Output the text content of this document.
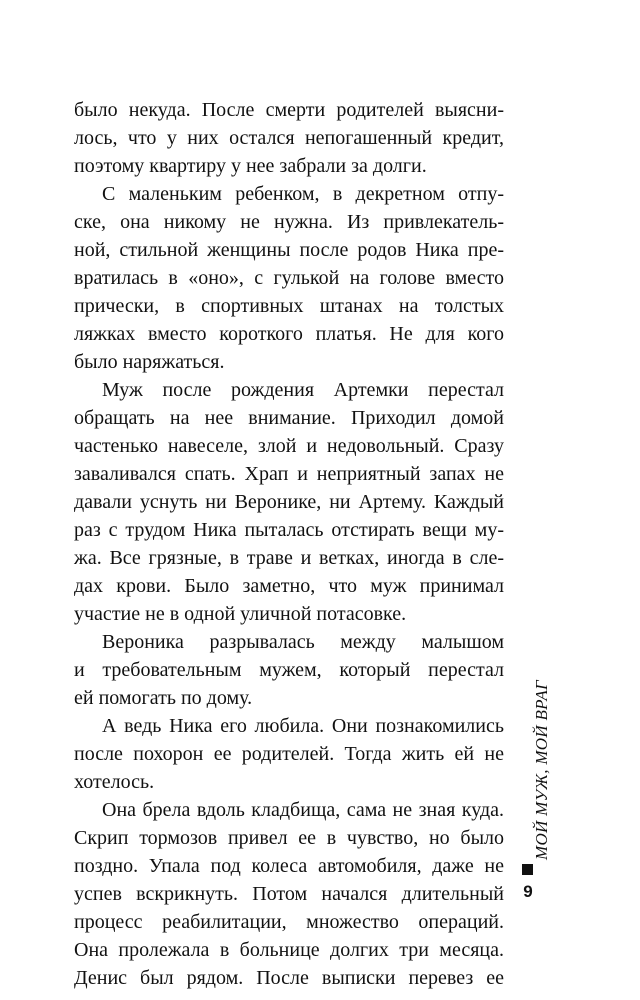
было некуда. После смерти родителей выясни-
лось, что у них остался непогашенный кредит,
поэтому квартиру у нее забрали за долги.
С маленьким ребенком, в декретном отпу-
ске, она никому не нужна. Из привлекатель-
ной, стильной женщины после родов Ника пре-
вратилась в «оно», с гулькой на голове вместо
прически, в спортивных штанах на толстых
ляжках вместо короткого платья. Не для кого
было наряжаться.
Муж после рождения Артемки перестал
обращать на нее внимание. Приходил домой
частенько навеселе, злой и недовольный. Сразу
заваливался спать. Храп и неприятный запах не
давали уснуть ни Веронике, ни Артему. Каждый
раз с трудом Ника пыталась отстирать вещи му-
жа. Все грязные, в траве и ветках, иногда в сле-
дах крови. Было заметно, что муж принимал
участие не в одной уличной потасовке.
Вероника разрывалась между малышом
и требовательным мужем, который перестал
ей помогать по дому.
А ведь Ника его любила. Они познакомились
после похорон ее родителей. Тогда жить ей не
хотелось.
Она брела вдоль кладбища, сама не зная куда.
Скрип тормозов привел ее в чувство, но было
поздно. Упала под колеса автомобиля, даже не
успев вскрикнуть. Потом начался длительный
процесс реабилитации, множество операций.
Она пролежала в больнице долгих три месяца.
Денис был рядом. После выписки перевез ее
МОЙ МУЖ, МОЙ ВРАГ
9
